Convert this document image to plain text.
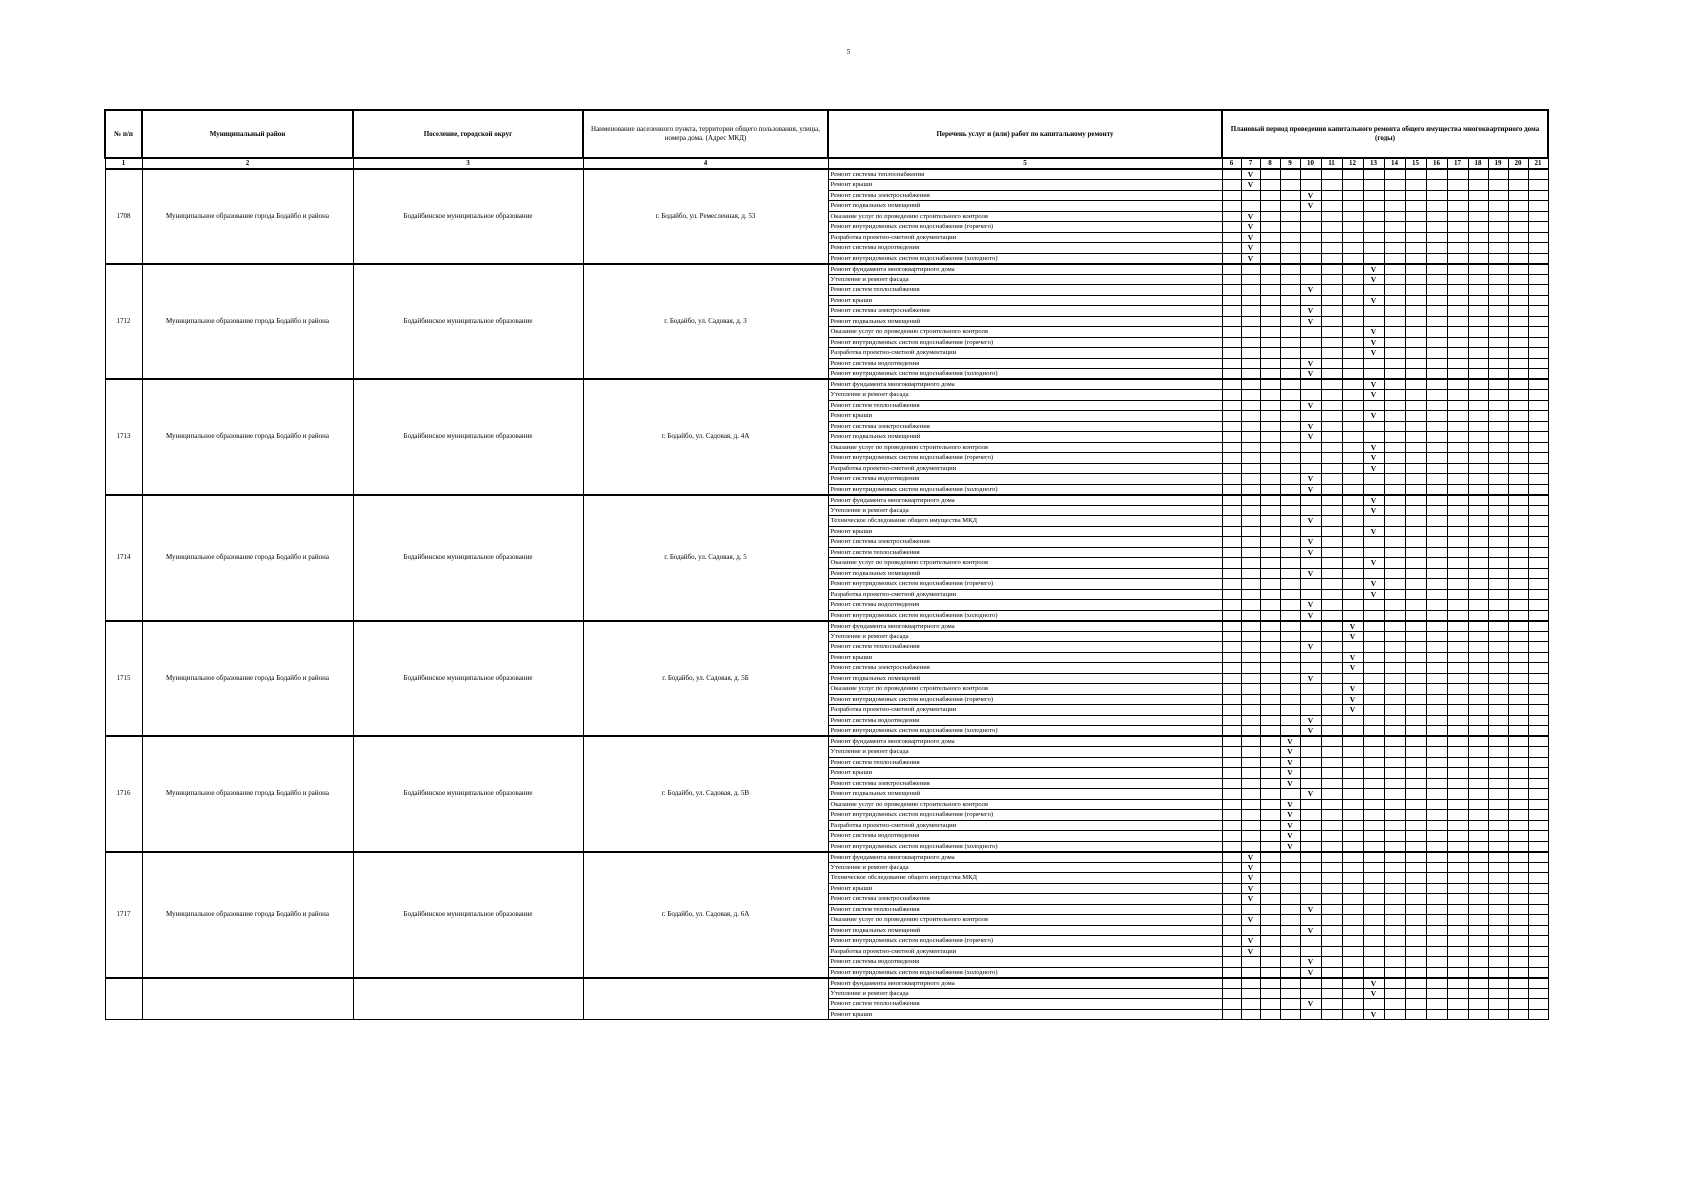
5
№ п/п	Муниципальный район	Поселение, городской округ	Наименование населенного пункта, территории общего пользования, улицы, номера дома. (Адрес МКД)	Перечень услуг и (или) работ по капитальному ремонту	Плановый период проведения капитального ремонта общего имущества многоквартирного дома (годы)															
1	2	3	4	5	6	7	8	9	10	11	12	13	14	15	16	17	18	19	20	21
1708	Муниципальное образование города Бодайбо и района	Бодайбинское муниципальное образование	г. Бодайбо, ул. Ремесленная, д. 53	Ремонт системы теплоснабжения		V														
				Ремонт крыши		V														
				Ремонт системы электроснабжения					V											
				Ремонт подвальных помещений					V											
				Оказание услуг по проведению строительного контроля		V														
				Ремонт внутридомовых систем водоснабжения (горячего)		V														
				Разработка проектно-сметной документации		V														
				Ремонт системы водоотведения		V														
				Ремонт внутридомовых систем водоснабжения (холодного)		V														
1712	Муниципальное образование города Бодайбо и района	Бодайбинское муниципальное образование	г. Бодайбо, ул. Садовая, д. 3	Ремонт фундамента многоквартирного дома								V								
				Утепление и ремонт фасада								V								
				Ремонт систем теплоснабжения					V											
				Ремонт крыши								V								
				Ремонт системы электроснабжения					V											
				Ремонт подвальных помещений					V											
				Оказание услуг по проведению строительного контроля								V								
				Ремонт внутридомовых систем водоснабжения (горячего)								V								
				Разработка проектно-сметной документации								V								
				Ремонт системы водоотведения					V											
				Ремонт внутридомовых систем водоснабжения (холодного)					V											
1713	Муниципальное образование города Бодайбо и района	Бодайбинское муниципальное образование	г. Бодайбо, ул. Садовая, д. 4А	Ремонт фундамента многоквартирного дома								V								
				Утепление и ремонт фасада								V								
				Ремонт систем теплоснабжения					V											
				Ремонт крыши								V								
				Ремонт системы электроснабжения					V											
				Ремонт подвальных помещений					V											
				Оказание услуг по проведению строительного контроля								V								
				Ремонт внутридомовых систем водоснабжения (горячего)								V								
				Разработка проектно-сметной документации								V								
				Ремонт системы водоотведения					V											
				Ремонт внутридомовых систем водоснабжения (холодного)					V											
1714	Муниципальное образование города Бодайбо и района	Бодайбинское муниципальное образование	г. Бодайбо, ул. Садовая, д. 5	Ремонт фундамента многоквартирного дома								V								
				Утепление и ремонт фасада								V								
				Техническое обследование общего имущества МКД					V											
				Ремонт крыши								V								
				Ремонт системы электроснабжения					V											
				Ремонт систем теплоснабжения					V											
				Оказание услуг по проведению строительного контроля								V								
				Ремонт подвальных помещений					V											
				Ремонт внутридомовых систем водоснабжения (горячего)								V								
				Разработка проектно-сметной документации								V								
				Ремонт системы водоотведения					V											
				Ремонт внутридомовых систем водоснабжения (холодного)					V											
1715	Муниципальное образование города Бодайбо и района	Бодайбинское муниципальное образование	г. Бодайбо, ул. Садовая, д. 5Б	Ремонт фундамента многоквартирного дома							V									
				Утепление и ремонт фасада							V									
				Ремонт систем теплоснабжения					V											
				Ремонт крыши							V									
				Ремонт системы электроснабжения							V									
				Ремонт подвальных помещений					V											
				Оказание услуг по проведению строительного контроля							V									
				Ремонт внутридомовых систем водоснабжения (горячего)							V									
				Разработка проектно-сметной документации							V									
				Ремонт системы водоотведения					V											
				Ремонт внутридомовых систем водоснабжения (холодного)					V											
1716	Муниципальное образование города Бодайбо и района	Бодайбинское муниципальное образование	г. Бодайбо, ул. Садовая, д. 5В	Ремонт фундамента многоквартирного дома				V												
				Утепление и ремонт фасада				V												
				Ремонт систем теплоснабжения				V												
				Ремонт крыши				V												
				Ремонт системы электроснабжения				V												
				Ремонт подвальных помещений					V											
				Оказание услуг по проведению строительного контроля				V												
				Ремонт внутридомовых систем водоснабжения (горячего)				V												
				Разработка проектно-сметной документации				V												
				Ремонт системы водоотведения				V												
				Ремонт внутридомовых систем водоснабжения (холодного)				V												
1717	Муниципальное образование города Бодайбо и района	Бодайбинское муниципальное образование	г. Бодайбо, ул. Садовая, д. 6А	Ремонт фундамента многоквартирного дома		V														
				Утепление и ремонт фасада		V														
				Техническое обследование общего имущества МКД		V														
				Ремонт крыши		V														
				Ремонт системы электроснабжения		V														
				Ремонт систем теплоснабжения					V											
				Оказание услуг по проведению строительного контроля		V														
				Ремонт подвальных помещений					V											
				Ремонт внутридомовых систем водоснабжения (горячего)		V														
				Разработка проектно-сметной документации		V														
				Ремонт системы водоотведения					V											
				Ремонт внутридомовых систем водоснабжения (холодного)					V											
				Ремонт фундамента многоквартирного дома								V								
				Утепление и ремонт фасада								V								
				Ремонт систем теплоснабжения					V											
				Ремонт крыши								V								
